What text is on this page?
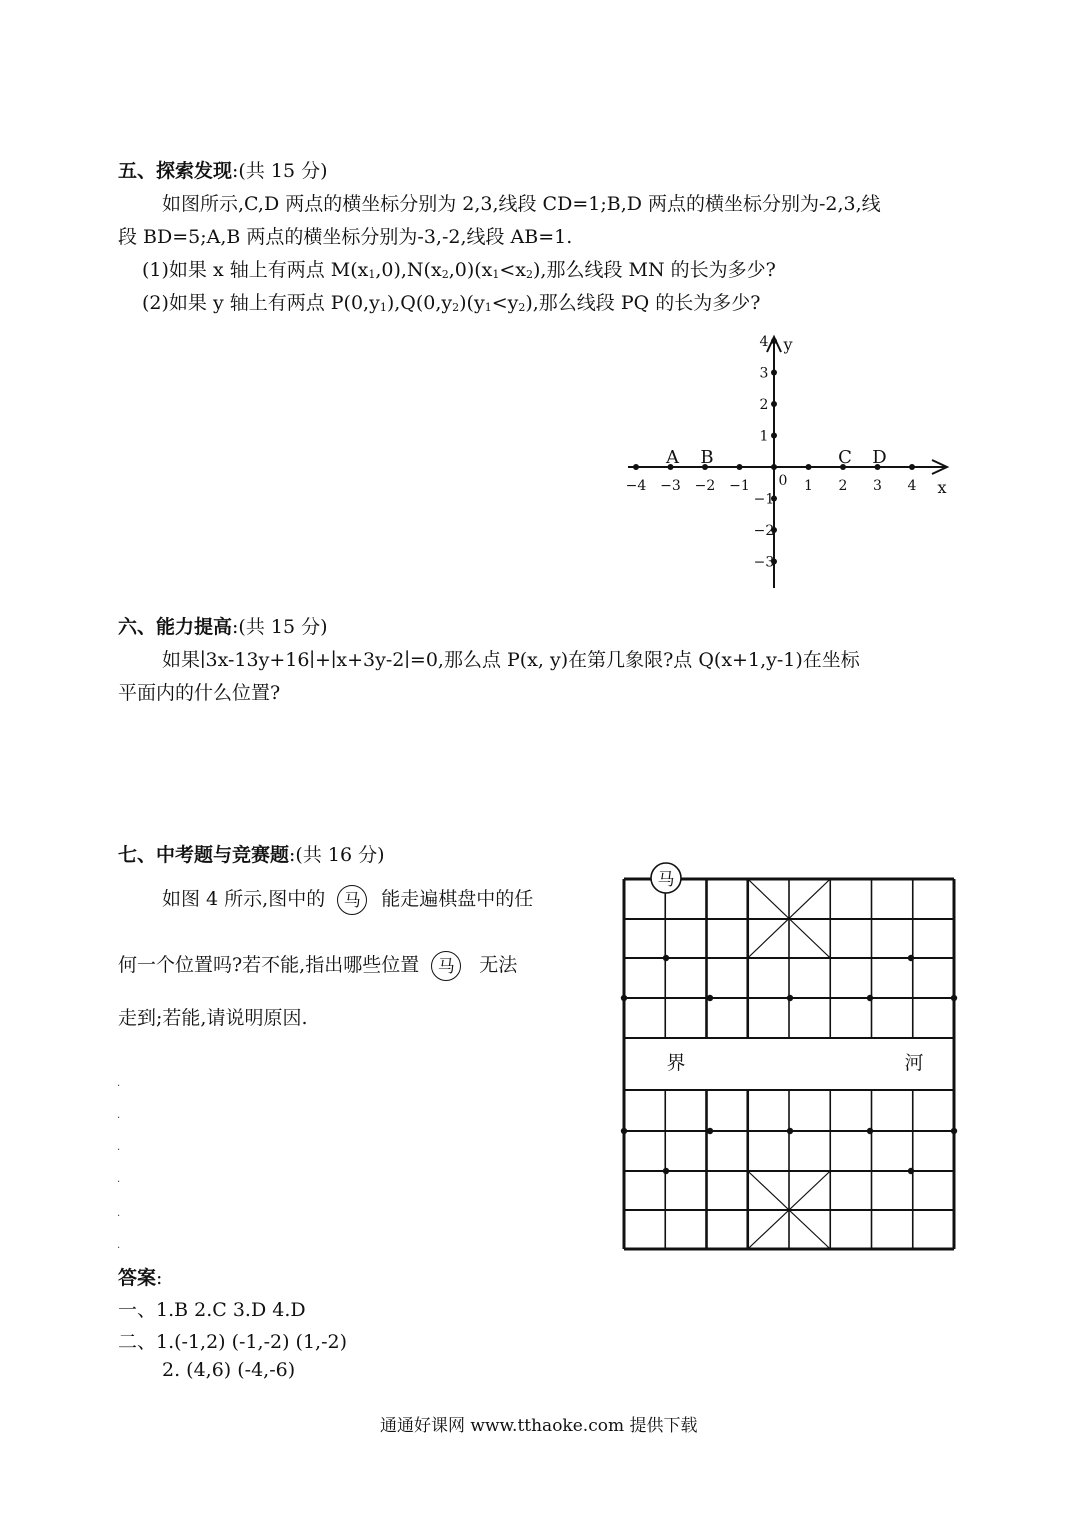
五、探索发现:(共 15 分)
如图所示,C,D 两点的横坐标分别为 2,3,线段 CD=1;B,D 两点的横坐标分别为-2,3,线
段 BD=5;A,B 两点的横坐标分别为-3,-2,线段 AB=1.
(1)如果 x 轴上有两点 $M(x_1,0),N(x_2,0)(x_1<x_2)$,那么线段 MN 的长为多少?
(2)如果 y 轴上有两点 $P(0,y_1),Q(0,y_2)(y_1<y_2)$,那么线段 PQ 的长为多少?
−4 −3 −2 −1	1 2 3 4
4
3
2
1
−1
−2
−3
0	x
y
A B	C D
六、能力提高:(共 15 分)
如果∣3x-13y+16∣+∣x+3y-2∣=0,那么点 P(x, y)在第几象限?点 Q(x+1,y-1)在坐标
平面内的什么位置?
七、中考题与竞赛题:(共 16 分)
如图 4 所示,图中的 马 能走遍棋盘中的任
何一个位置吗?若不能,指出哪些位置 马 无法
走到;若能,请说明原因.
.
.
.
.
.
.
界	河
马
答案:
一、1.B 2.C 3.D 4.D
二、1.(-1,2) (-1,-2) (1,-2)
2. (4,6) (-4,-6)
通通好课网 www.tthaoke.com 提供下载
